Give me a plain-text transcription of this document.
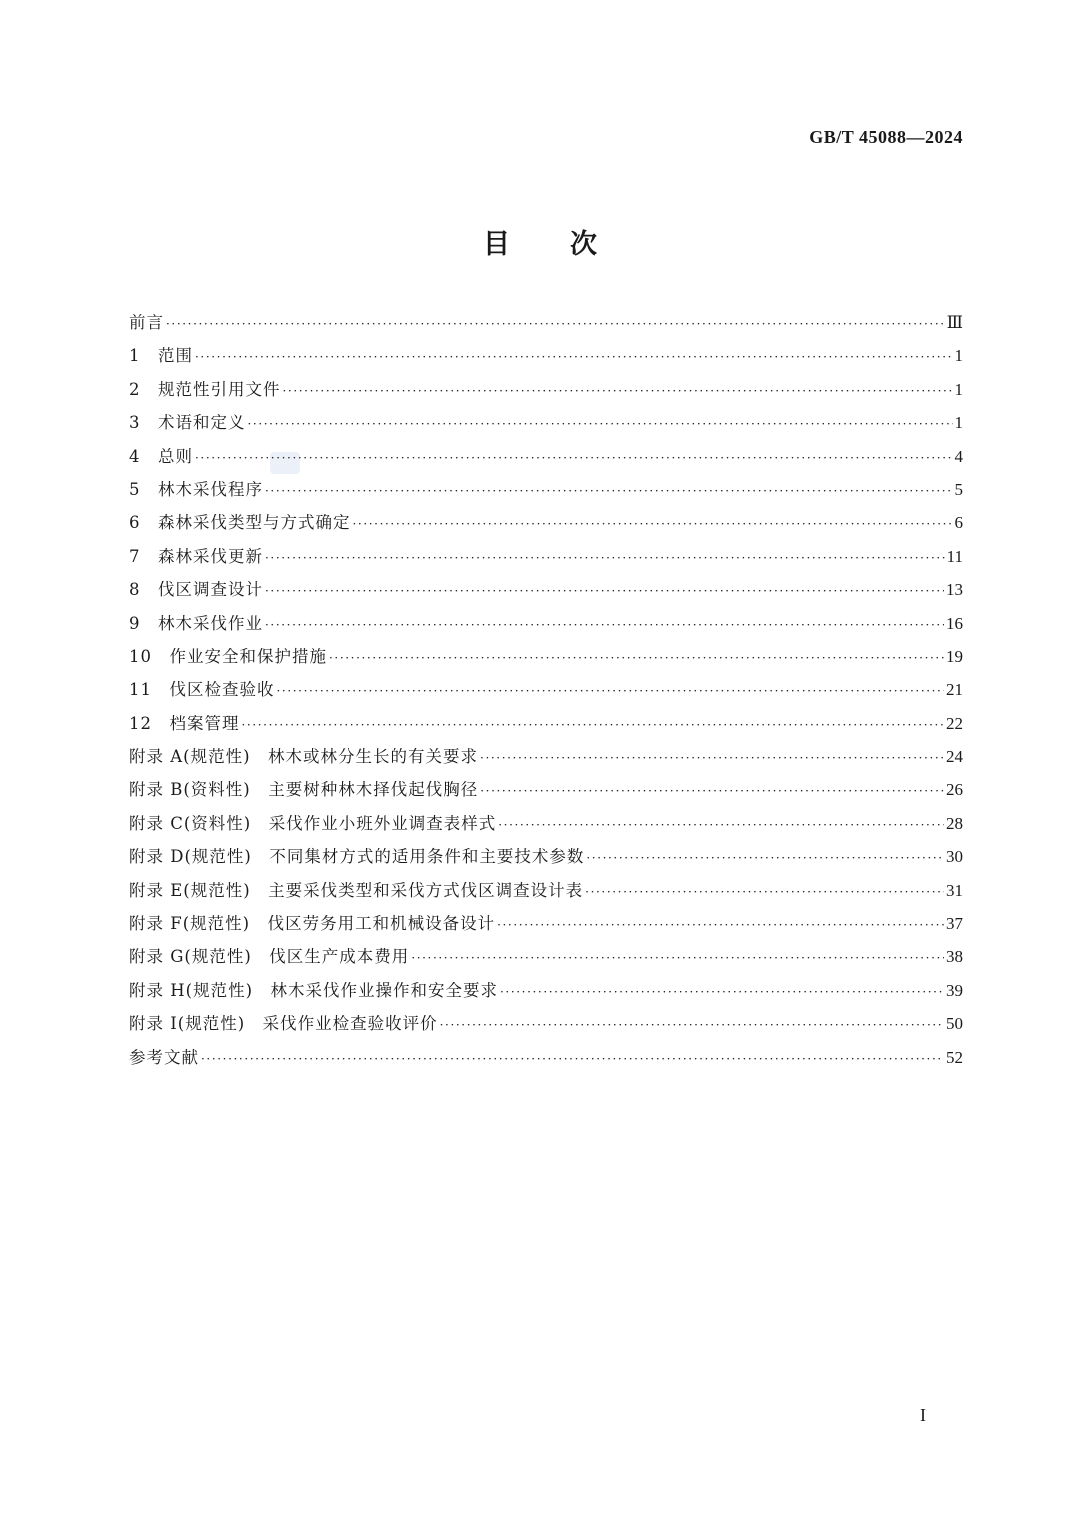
GB/T 45088—2024
目次
前言 ·····	Ⅲ
1　范围 ·····	1
2　规范性引用文件 ·····	1
3　术语和定义 ·····	1
4　总则 ·····	4
5　林木采伐程序 ·····	5
6　森林采伐类型与方式确定 ·····	6
7　森林采伐更新 ·····	11
8　伐区调查设计 ·····	13
9　林木采伐作业 ·····	16
10　作业安全和保护措施 ·····	19
11　伐区检查验收 ·····	21
12　档案管理 ·····	22
附录 A(规范性)　林木或林分生长的有关要求 ·····	24
附录 B(资料性)　主要树种林木择伐起伐胸径 ·····	26
附录 C(资料性)　采伐作业小班外业调查表样式 ·····	28
附录 D(规范性)　不同集材方式的适用条件和主要技术参数 ·····	30
附录 E(规范性)　主要采伐类型和采伐方式伐区调查设计表 ·····	31
附录 F(规范性)　伐区劳务用工和机械设备设计 ·····	37
附录 G(规范性)　伐区生产成本费用 ·····	38
附录 H(规范性)　林木采伐作业操作和安全要求 ·····	39
附录 I(规范性)　采伐作业检查验收评价 ·····	50
参考文献 ·····	52
I
